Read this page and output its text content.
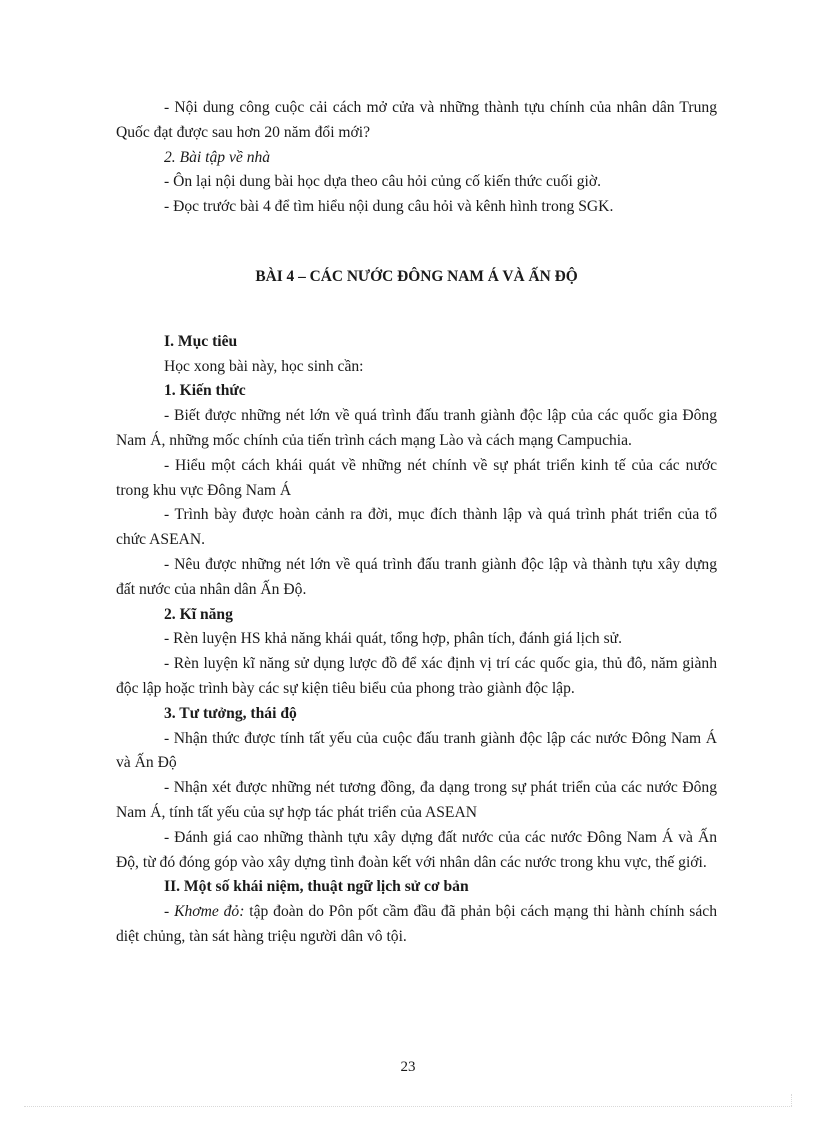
- Nội dung công cuộc cải cách mở cửa và những thành tựu chính của nhân dân Trung Quốc đạt được sau hơn 20 năm đổi mới?

2. Bài tập về nhà

- Ôn lại nội dung bài học dựa theo câu hỏi củng cố kiến thức cuối giờ.

- Đọc trước bài 4 để tìm hiểu nội dung câu hỏi và kênh hình trong SGK.

BÀI 4 – CÁC NƯỚC ĐÔNG NAM Á VÀ ẤN ĐỘ

I. Mục tiêu

Học xong bài này, học sinh cần:

1. Kiến thức

- Biết được những nét lớn về quá trình đấu tranh giành độc lập của các quốc gia Đông Nam Á, những mốc chính của tiến trình cách mạng Lào và cách mạng Campuchia.

- Hiểu một cách khái quát về những nét chính về sự phát triển kinh tế của các nước trong khu vực Đông Nam Á

- Trình bày được hoàn cảnh ra đời, mục đích thành lập và quá trình phát triển của tổ chức ASEAN.

- Nêu được những nét lớn về quá trình đấu tranh giành độc lập và thành tựu xây dựng đất nước của nhân dân Ấn Độ.

2. Kĩ năng

- Rèn luyện HS khả năng khái quát, tổng hợp, phân tích, đánh giá lịch sử.

- Rèn luyện kĩ năng sử dụng lược đồ để xác định vị trí các quốc gia, thủ đô, năm giành độc lập hoặc trình bày các sự kiện tiêu biểu của phong trào giành độc lập.

3. Tư tưởng, thái độ

- Nhận thức được tính tất yếu của cuộc đấu tranh giành độc lập các nước Đông Nam Á và Ấn Độ

- Nhận xét được những nét tương đồng, đa dạng trong sự phát triển của các nước Đông Nam Á, tính tất yếu của sự hợp tác phát triển của ASEAN

- Đánh giá cao những thành tựu xây dựng đất nước của các nước Đông Nam Á và Ấn Độ, từ đó đóng góp vào xây dựng tình đoàn kết với nhân dân các nước trong khu vực, thế giới.

II. Một số khái niệm, thuật ngữ lịch sử cơ bản

- Khơme đỏ: tập đoàn do Pôn pốt cầm đầu đã phản bội cách mạng thi hành chính sách diệt chủng, tàn sát hàng triệu người dân vô tội.

23
